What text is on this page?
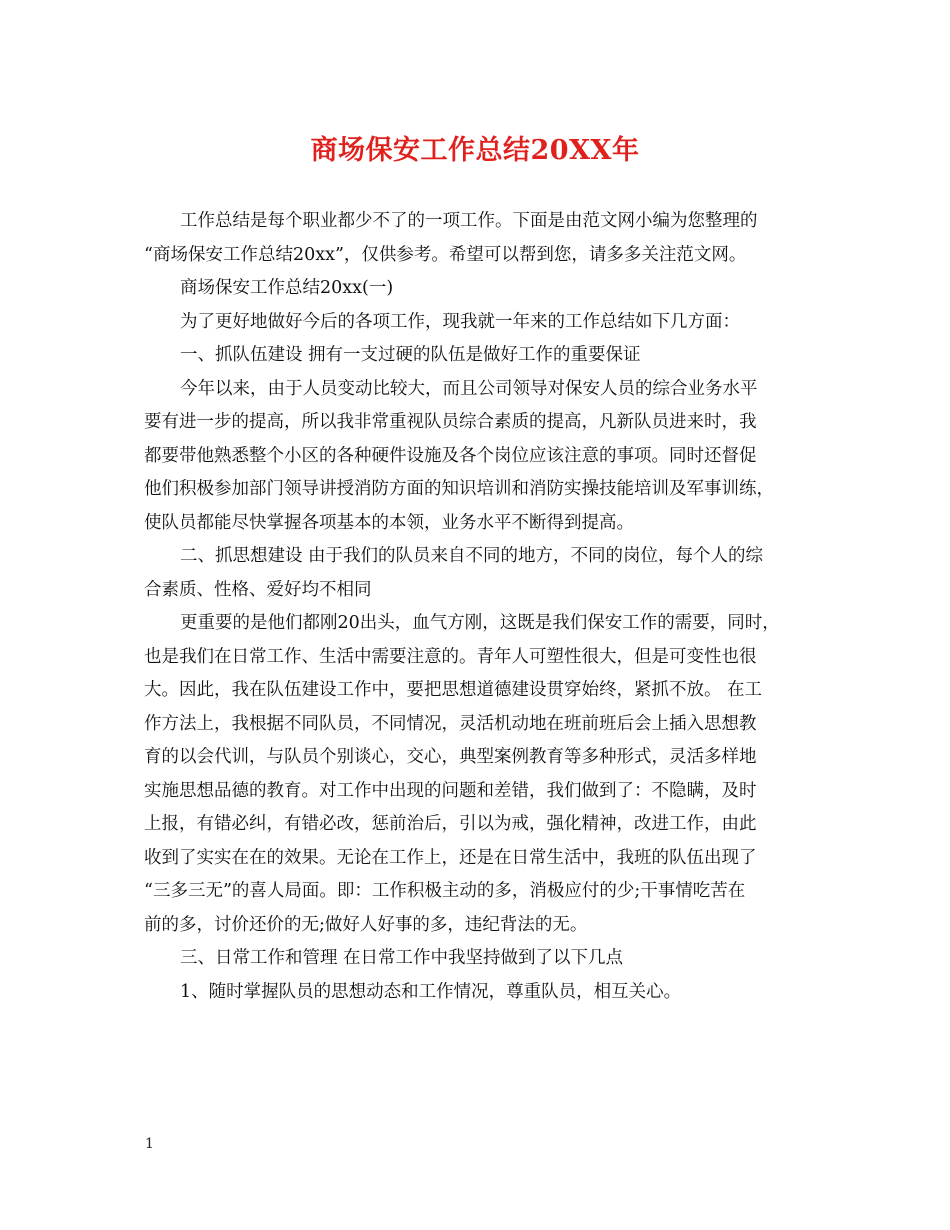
商场保安工作总结20XX年
工作总结是每个职业都少不了的一项工作。下面是由范文网小编为您整理的
“商场保安工作总结20xx”，仅供参考。希望可以帮到您，请多多关注范文网。
商场保安工作总结20xx(一)
为了更好地做好今后的各项工作，现我就一年来的工作总结如下几方面：
一、抓队伍建设 拥有一支过硬的队伍是做好工作的重要保证
今年以来，由于人员变动比较大，而且公司领导对保安人员的综合业务水平
要有进一步的提高，所以我非常重视队员综合素质的提高，凡新队员进来时，我
都要带他熟悉整个小区的各种硬件设施及各个岗位应该注意的事项。同时还督促
他们积极参加部门领导讲授消防方面的知识培训和消防实操技能培训及军事训练，
使队员都能尽快掌握各项基本的本领，业务水平不断得到提高。
二、抓思想建设 由于我们的队员来自不同的地方，不同的岗位，每个人的综
合素质、性格、爱好均不相同
更重要的是他们都刚20出头，血气方刚，这既是我们保安工作的需要，同时，
也是我们在日常工作、生活中需要注意的。青年人可塑性很大，但是可变性也很
大。因此，我在队伍建设工作中，要把思想道德建设贯穿始终，紧抓不放。 在工
作方法上，我根据不同队员，不同情况，灵活机动地在班前班后会上插入思想教
育的以会代训，与队员个别谈心，交心，典型案例教育等多种形式，灵活多样地
实施思想品德的教育。对工作中出现的问题和差错，我们做到了：不隐瞒，及时
上报，有错必纠，有错必改，惩前治后，引以为戒，强化精神，改进工作，由此
收到了实实在在的效果。无论在工作上，还是在日常生活中，我班的队伍出现了
“三多三无”的喜人局面。即：工作积极主动的多，消极应付的少;干事情吃苦在
前的多，讨价还价的无;做好人好事的多，违纪背法的无。
三、日常工作和管理 在日常工作中我坚持做到了以下几点
1、随时掌握队员的思想动态和工作情况，尊重队员，相互关心。
1
